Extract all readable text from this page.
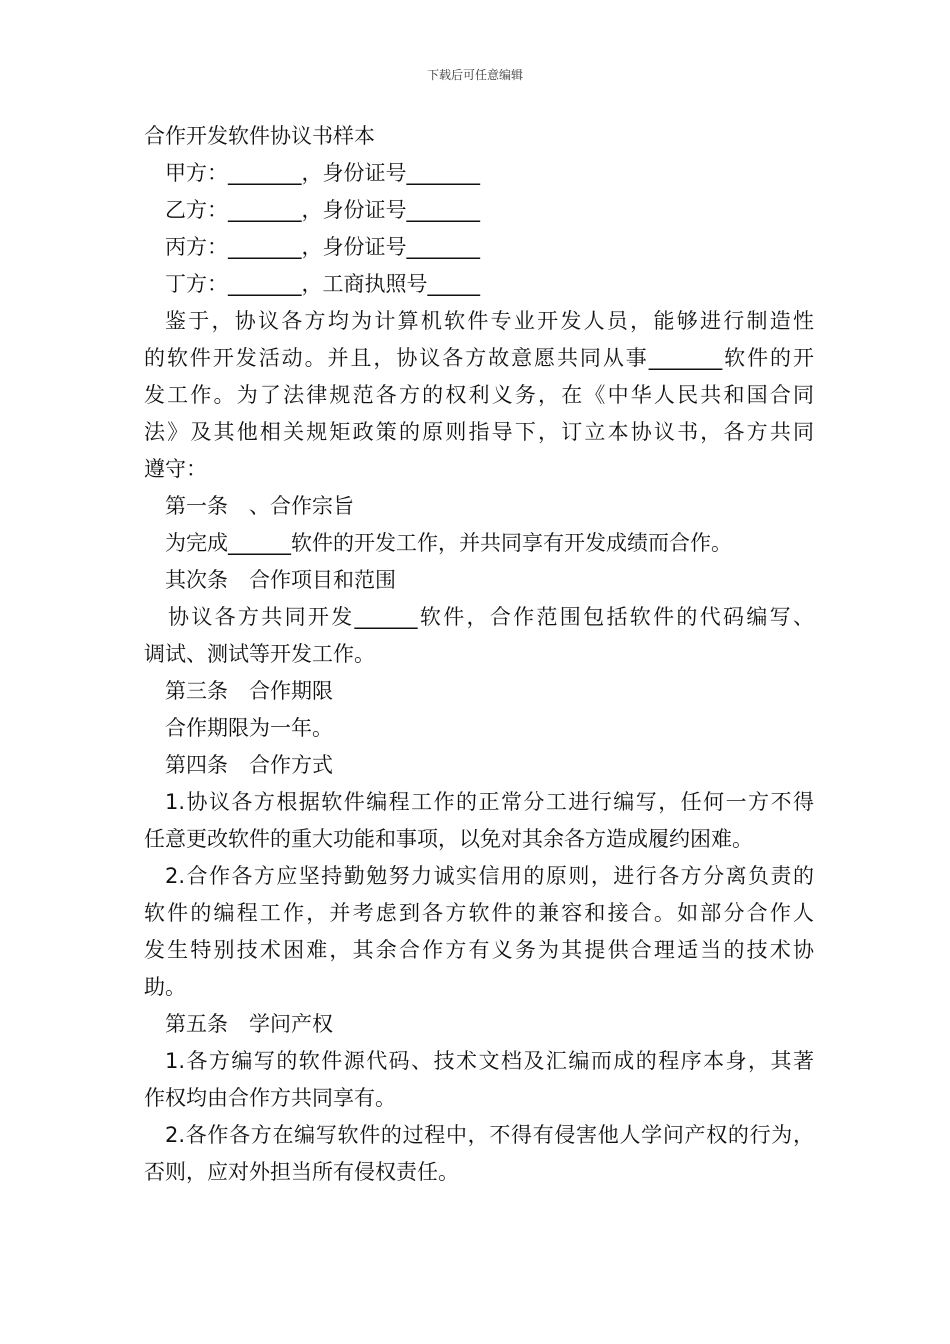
下载后可任意编辑
合作开发软件协议书样本
甲方：_______，身份证号_______
乙方：_______，身份证号_______
丙方：_______，身份证号_______
丁方：_______，工商执照号_____
鉴于，协议各方均为计算机软件专业开发人员，能够进行制造性
的软件开发活动。并且，协议各方故意愿共同从事_______软件的开
发工作。为了法律规范各方的权利义务，在《中华人民共和国合同
法》及其他相关规矩政策的原则指导下，订立本协议书，各方共同
遵守：
第一条　、合作宗旨
为完成______软件的开发工作，并共同享有开发成绩而合作。
其次条　合作项目和范围
协议各方共同开发______软件，合作范围包括软件的代码编写、
调试、测试等开发工作。
第三条　合作期限
合作期限为一年。
第四条　合作方式
1.协议各方根据软件编程工作的正常分工进行编写，任何一方不得
任意更改软件的重大功能和事项，以免对其余各方造成履约困难。
2.合作各方应坚持勤勉努力诚实信用的原则，进行各方分离负责的
软件的编程工作，并考虑到各方软件的兼容和接合。如部分合作人
发生特别技术困难，其余合作方有义务为其提供合理适当的技术协
助。
第五条　学问产权
1.各方编写的软件源代码、技术文档及汇编而成的程序本身，其著
作权均由合作方共同享有。
2.各作各方在编写软件的过程中，不得有侵害他人学问产权的行为，
否则，应对外担当所有侵权责任。
